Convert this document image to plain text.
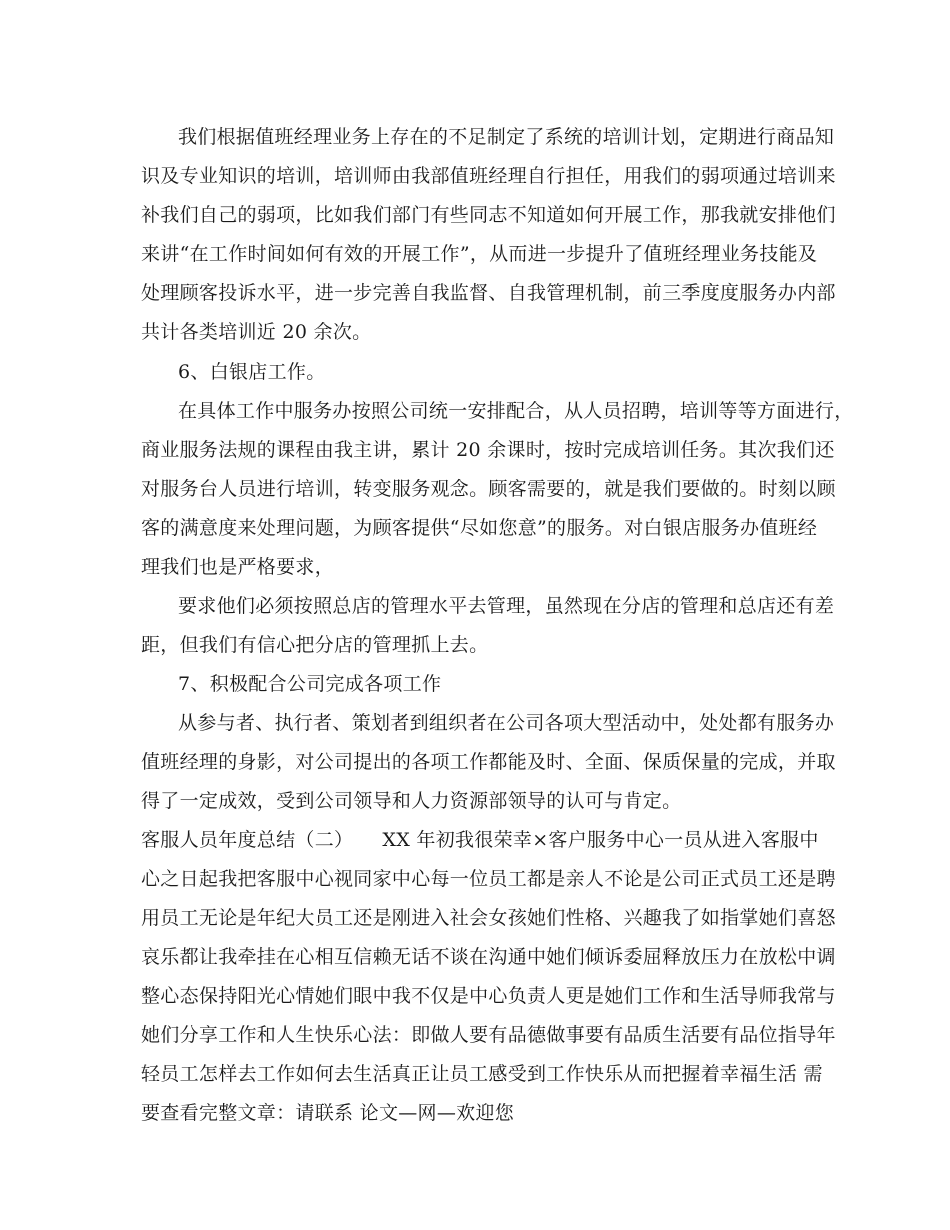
我们根据值班经理业务上存在的不足制定了系统的培训计划，定期进行商品知
识及专业知识的培训，培训师由我部值班经理自行担任，用我们的弱项通过培训来
补我们自己的弱项，比如我们部门有些同志不知道如何开展工作，那我就安排他们
来讲“在工作时间如何有效的开展工作”，从而进一步提升了值班经理业务技能及
处理顾客投诉水平，进一步完善自我监督、自我管理机制，前三季度度服务办内部
共计各类培训近 20 余次。
6、白银店工作。
在具体工作中服务办按照公司统一安排配合，从人员招聘，培训等等方面进行，
商业服务法规的课程由我主讲，累计 20 余课时，按时完成培训任务。其次我们还
对服务台人员进行培训，转变服务观念。顾客需要的，就是我们要做的。时刻以顾
客的满意度来处理问题，为顾客提供“尽如您意”的服务。对白银店服务办值班经
理我们也是严格要求，
要求他们必须按照总店的管理水平去管理，虽然现在分店的管理和总店还有差
距，但我们有信心把分店的管理抓上去。
7、积极配合公司完成各项工作
从参与者、执行者、策划者到组织者在公司各项大型活动中，处处都有服务办
值班经理的身影，对公司提出的各项工作都能及时、全面、保质保量的完成，并取
得了一定成效，受到公司领导和人力资源部领导的认可与肯定。
客服人员年度总结（二）　　XX 年初我很荣幸×客户服务中心一员从进入客服中
心之日起我把客服中心视同家中心每一位员工都是亲人不论是公司正式员工还是聘
用员工无论是年纪大员工还是刚进入社会女孩她们性格、兴趣我了如指掌她们喜怒
哀乐都让我牵挂在心相互信赖无话不谈在沟通中她们倾诉委屈释放压力在放松中调
整心态保持阳光心情她们眼中我不仅是中心负责人更是她们工作和生活导师我常与
她们分享工作和人生快乐心法：即做人要有品德做事要有品质生活要有品位指导年
轻员工怎样去工作如何去生活真正让员工感受到工作快乐从而把握着幸福生活 需
要查看完整文章：请联系 论文—网—欢迎您
